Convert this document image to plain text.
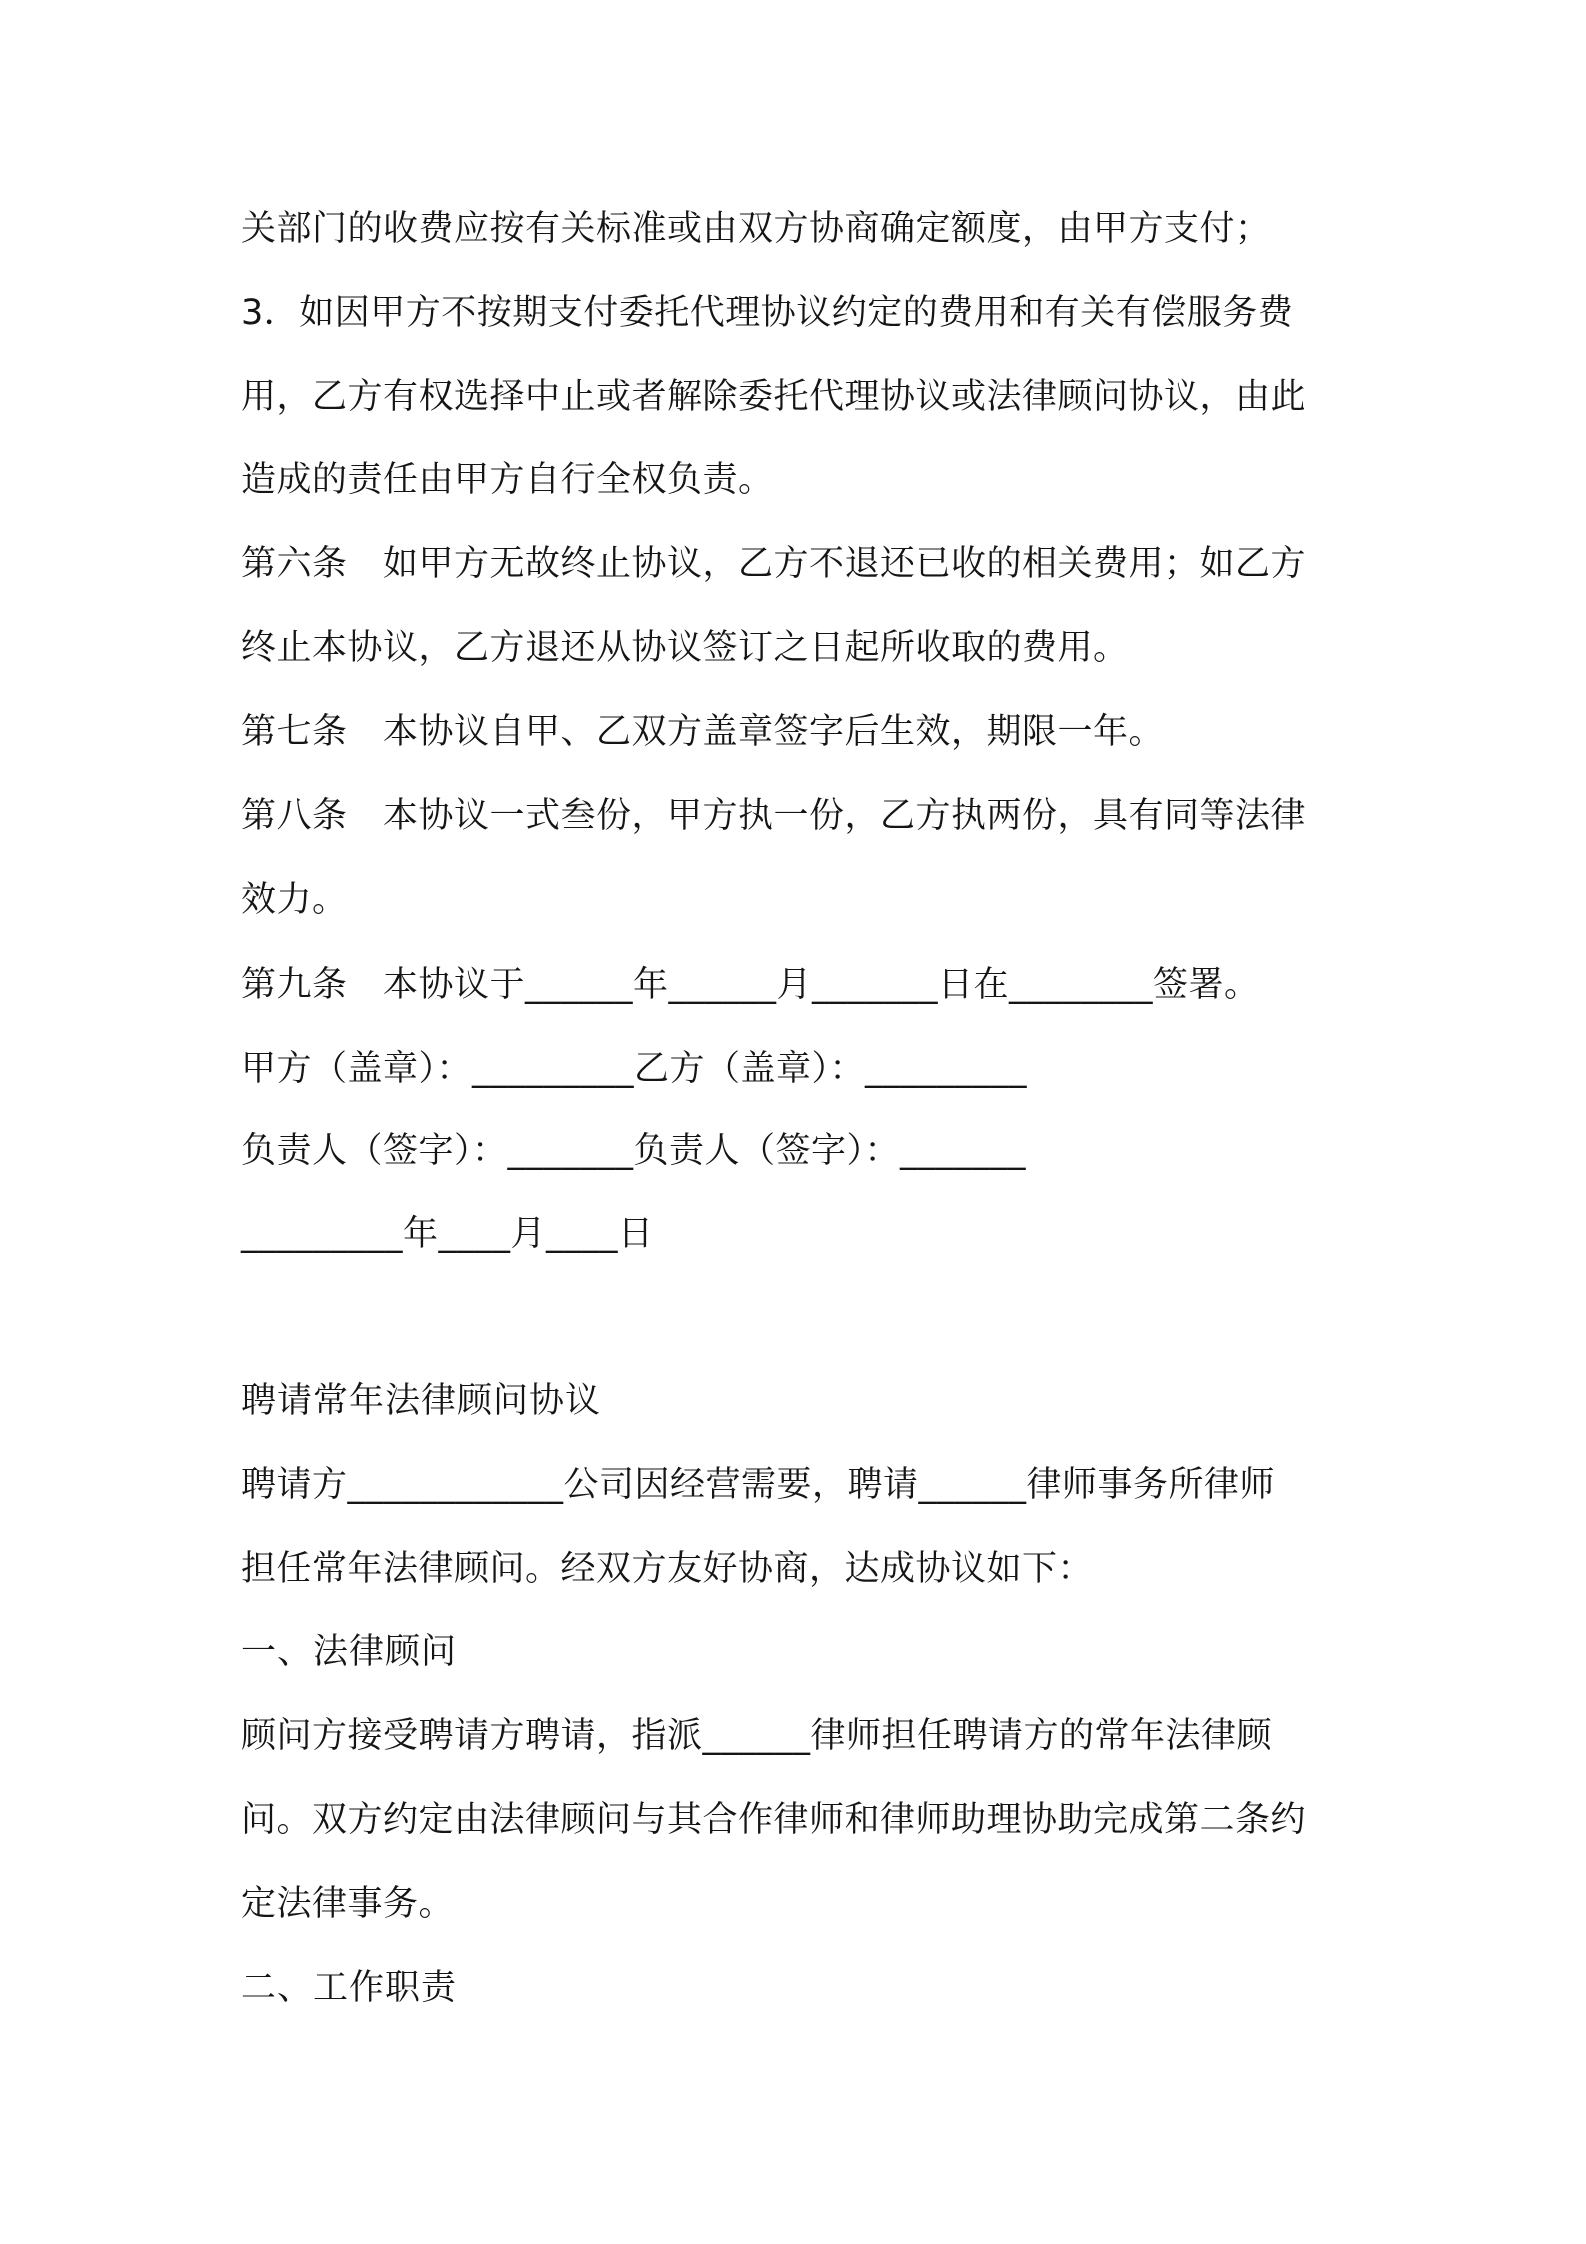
关部门的收费应按有关标准或由双方协商确定额度，由甲方支付；

3．如因甲方不按期支付委托代理协议约定的费用和有关有偿服务费

用，乙方有权选择中止或者解除委托代理协议或法律顾问协议，由此

造成的责任由甲方自行全权负责。

第六条　如甲方无故终止协议，乙方不退还已收的相关费用；如乙方

终止本协议，乙方退还从协议签订之日起所收取的费用。

第七条　本协议自甲、乙双方盖章签字后生效，期限一年。

第八条　本协议一式叁份，甲方执一份，乙方执两份，具有同等法律

效力。

第九条　本协议于______年______月_______日在________签署。

甲方（盖章）：_________乙方（盖章）：_________

负责人（签字）：_______负责人（签字）：_______

_________年____月____日

聘请常年法律顾问协议

聘请方____________公司因经营需要，聘请______律师事务所律师

担任常年法律顾问。经双方友好协商，达成协议如下：

一、法律顾问

顾问方接受聘请方聘请，指派______律师担任聘请方的常年法律顾

问。双方约定由法律顾问与其合作律师和律师助理协助完成第二条约

定法律事务。

二、工作职责
